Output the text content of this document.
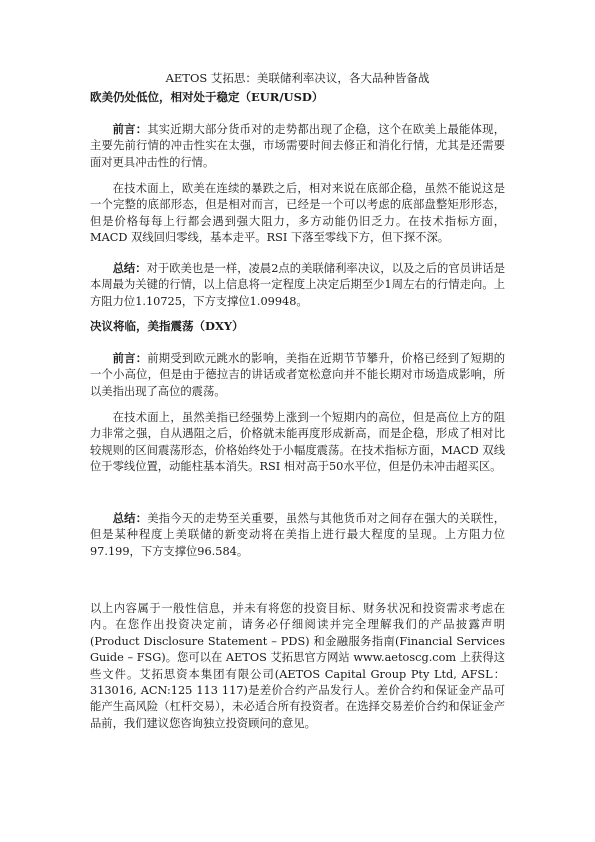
AETOS 艾拓思：美联储利率决议，各大品种皆备战
欧美仍处低位，相对处于稳定（EUR/USD）
前言：其实近期大部分货币对的走势都出现了企稳，这个在欧美上最能体现，主要先前行情的冲击性实在太强，市场需要时间去修正和消化行情，尤其是还需要面对更具冲击性的行情。
在技术面上，欧美在连续的暴跌之后，相对来说在底部企稳，虽然不能说这是一个完整的底部形态，但是相对而言，已经是一个可以考虑的底部盘整矩形形态，但是价格每每上行都会遇到强大阻力，多方动能仍旧乏力。在技术指标方面，MACD 双线回归零线，基本走平。RSI 下落至零线下方，但下探不深。
总结：对于欧美也是一样，凌晨2点的美联储利率决议，以及之后的官员讲话是本周最为关键的行情，以上信息将一定程度上决定后期至少1周左右的行情走向。上方阻力位1.10725，下方支撑位1.09948。
决议将临，美指震荡（DXY）
前言：前期受到欧元跳水的影响，美指在近期节节攀升，价格已经到了短期的一个小高位，但是由于德拉吉的讲话或者宽松意向并不能长期对市场造成影响，所以美指出现了高位的震荡。
在技术面上，虽然美指已经强势上涨到一个短期内的高位，但是高位上方的阻力非常之强，自从遇阻之后，价格就未能再度形成新高，而是企稳，形成了相对比较规则的区间震荡形态，价格始终处于小幅度震荡。在技术指标方面，MACD 双线位于零线位置，动能柱基本消失。RSI 相对高于50水平位，但是仍未冲击超买区。
总结：美指今天的走势至关重要，虽然与其他货币对之间存在强大的关联性，但是某种程度上美联储的新变动将在美指上进行最大程度的呈现。上方阻力位97.199，下方支撑位96.584。
以上内容属于一般性信息，并未有将您的投资目标、财务状况和投资需求考虑在内。在您作出投资决定前，请务必仔细阅读并完全理解我们的产品披露声明(Product Disclosure Statement – PDS) 和金融服务指南(Financial Services Guide – FSG)。您可以在 AETOS 艾拓思官方网站 www.aetoscg.com 上获得这些文件。艾拓思资本集团有限公司(AETOS Capital Group Pty Ltd, AFSL：313016, ACN:125 113 117)是差价合约产品发行人。差价合约和保证金产品可能产生高风险（杠杆交易），未必适合所有投资者。在选择交易差价合约和保证金产品前，我们建议您咨询独立投资顾问的意见。
